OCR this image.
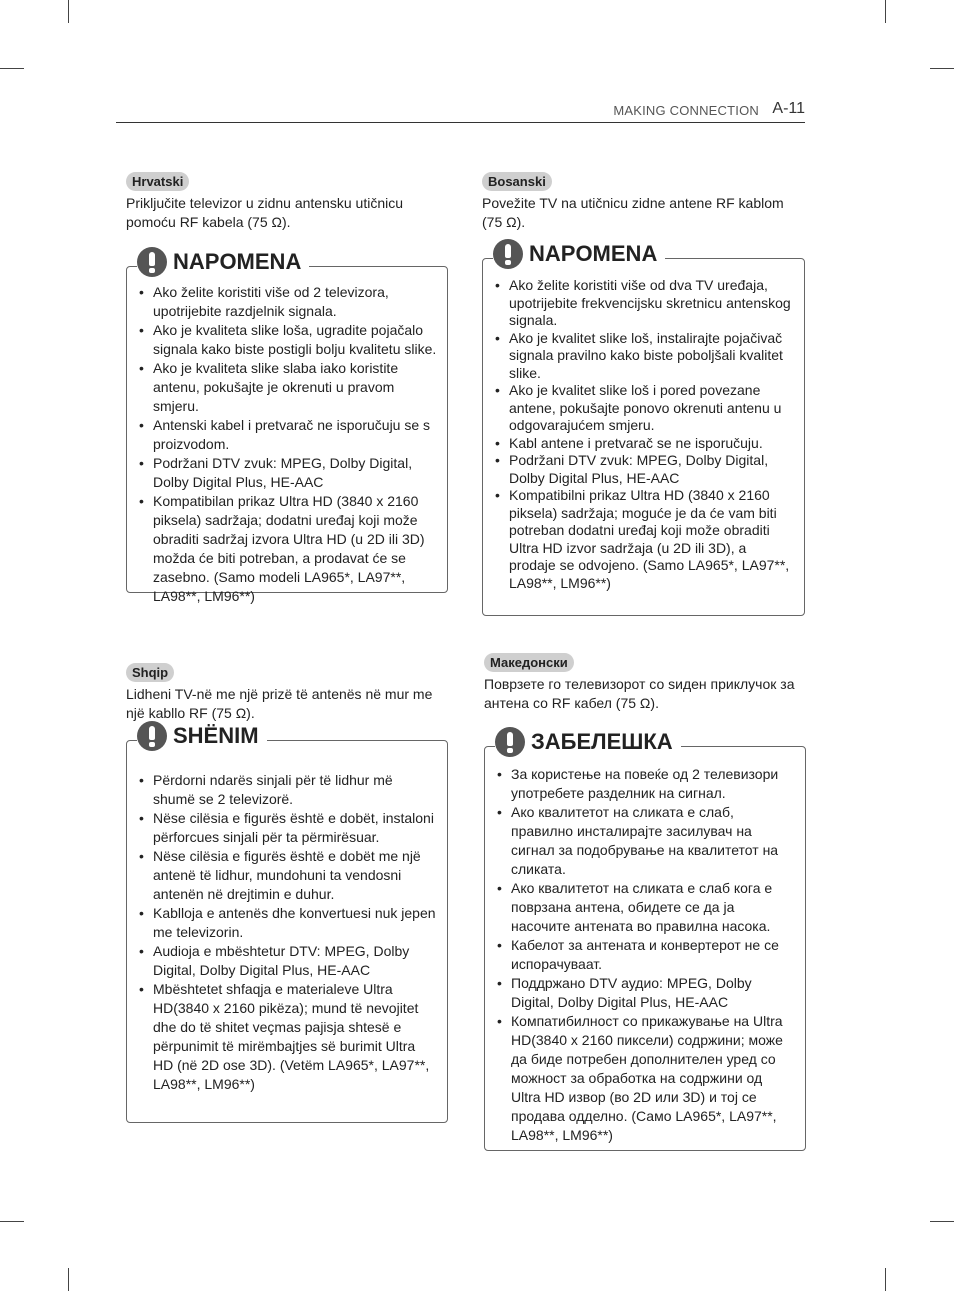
MAKING CONNECTION A-11
Hrvatski
Priključite televizor u zidnu antensku utičnicu pomoću RF kabela (75 Ω).
NAPOMENA
• Ako želite koristiti više od 2 televizora, upotrijebite razdjelnik signala.
• Ako je kvaliteta slike loša, ugradite pojačalo signala kako biste postigli bolju kvalitetu slike.
• Ako je kvaliteta slike slaba iako koristite antenu, pokušajte je okrenuti u pravom smjeru.
• Antenski kabel i pretvarač ne isporučuju se s proizvodom.
• Podržani DTV zvuk: MPEG, Dolby Digital, Dolby Digital Plus, HE-AAC
• Kompatibilan prikaz Ultra HD (3840 x 2160 piksela) sadržaja; dodatni uređaj koji može obraditi sadržaj izvora Ultra HD (u 2D ili 3D) možda će biti potreban, a prodavat će se zasebno. (Samo modeli LA965*, LA97**, LA98**, LM96**)
Bosanski
Povežite TV na utičnicu zidne antene RF kablom (75 Ω).
NAPOMENA
• Ako želite koristiti više od dva TV uređaja, upotrijebite frekvencijsku skretnicu antenskog signala.
• Ako je kvalitet slike loš, instalirajte pojačivač signala pravilno kako biste poboljšali kvalitet slike.
• Ako je kvalitet slike loš i pored povezane antene, pokušajte ponovo okrenuti antenu u odgovarajućem smjeru.
• Kabl antene i pretvarač se ne isporučuju.
• Podržani DTV zvuk: MPEG, Dolby Digital, Dolby Digital Plus, HE-AAC
• Kompatibilni prikaz Ultra HD (3840 x 2160 piksela) sadržaja; moguće je da će vam biti potreban dodatni uređaj koji može obraditi Ultra HD izvor sadržaja (u 2D ili 3D), a prodaje se odvojeno. (Samo LA965*, LA97**, LA98**, LM96**)
Shqip
Lidheni TV-në me një prizë të antenës në mur me një kabllo RF (75 Ω).
SHËNIM
• Përdorni ndarës sinjali për të lidhur më shumë se 2 televizorë.
• Nëse cilësia e figurës është e dobët, instaloni përforcues sinjali për ta përmirësuar.
• Nëse cilësia e figurës është e dobët me një antenë të lidhur, mundohuni ta vendosni antenën në drejtimin e duhur.
• Kablloja e antenës dhe konvertuesi nuk jepen me televizorin.
• Audioja e mbështetur DTV: MPEG, Dolby Digital, Dolby Digital Plus, HE-AAC
• Mbështetet shfaqja e materialeve Ultra HD(3840 x 2160 pikëza); mund të nevojitet dhe do të shitet veçmas pajisja shtesë e përpunimit të mirëmbajtjes së burimit Ultra HD (në 2D ose 3D). (Vetëm LA965*, LA97**, LA98**, LM96**)
Македонски
Поврзете го телевизорот со ѕиден приклучок за антена со RF кабел (75 Ω).
ЗАБЕЛЕШКА
• За користење на повеќе од 2 телевизори употребете разделник на сигнал.
• Ако квалитетот на сликата е слаб, правилно инсталирајте засилувач на сигнал за подобрување на квалитетот на сликата.
• Ако квалитетот на сликата е слаб кога е поврзана антена, обидете се да ја насочите антената во правилна насока.
• Кабелот за антената и конвертерот не се испорачуваат.
• Поддржано DTV аудио: MPEG, Dolby Digital, Dolby Digital Plus, HE-AAC
• Компатибилност со прикажување на Ultra HD(3840 x 2160 пиксели) содржини; може да биде потребен дополнителен уред со можност за обработка на содржини од Ultra HD извор (во 2D или 3D) и тој се продава одделно. (Само LA965*, LA97**, LA98**, LM96**)
